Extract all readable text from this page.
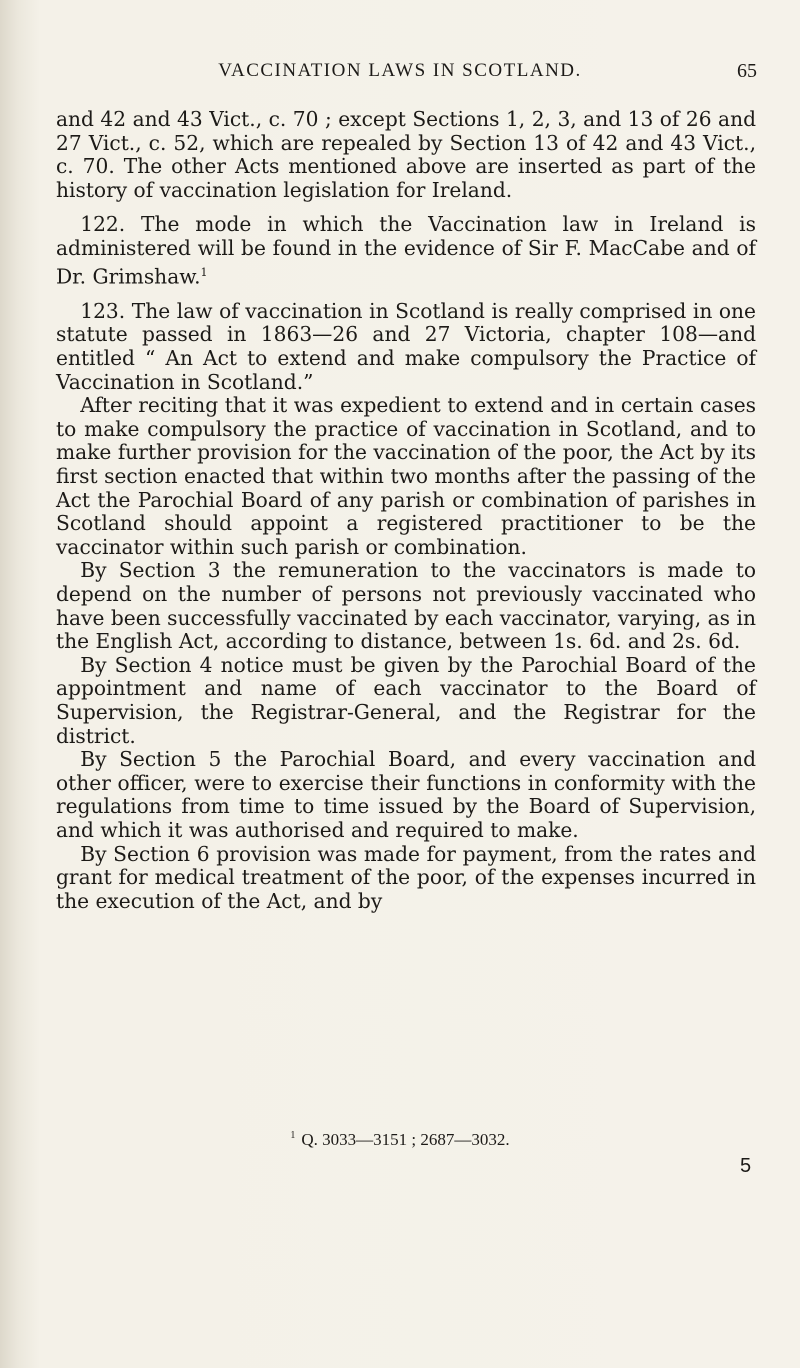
VACCINATION LAWS IN SCOTLAND.	65

and 42 and 43 Vict., c. 70 ; except Sections 1, 2, 3, and 13 of 26 and 27 Vict., c. 52, which are repealed by Section 13 of 42 and 43 Vict., c. 70. The other Acts mentioned above are inserted as part of the history of vaccination legislation for Ireland.

122. The mode in which the Vaccination law in Ireland is administered will be found in the evidence of Sir F. MacCabe and of Dr. Grimshaw.$^1$

123. The law of vaccination in Scotland is really comprised in one statute passed in 1863—26 and 27 Victoria, chapter 108—and entitled “ An Act to extend and make compulsory the Practice of Vaccination in Scotland.”

After reciting that it was expedient to extend and in certain cases to make compulsory the practice of vaccination in Scotland, and to make further provision for the vaccination of the poor, the Act by its first section enacted that within two months after the passing of the Act the Parochial Board of any parish or combination of parishes in Scotland should appoint a registered practitioner to be the vaccinator within such parish or combination.

By Section 3 the remuneration to the vaccinators is made to depend on the number of persons not previously vaccinated who have been successfully vaccinated by each vaccinator, varying, as in the English Act, according to distance, between 1s. 6d. and 2s. 6d.

By Section 4 notice must be given by the Parochial Board of the appointment and name of each vaccinator to the Board of Supervision, the Registrar-General, and the Registrar for the district.

By Section 5 the Parochial Board, and every vaccination and other officer, were to exercise their functions in conformity with the regulations from time to time issued by the Board of Supervision, and which it was authorised and required to make.

By Section 6 provision was made for payment, from the rates and grant for medical treatment of the poor, of the expenses incurred in the execution of the Act, and by

$^1$ Q. 3033—3151 ; 2687—3032.
5
